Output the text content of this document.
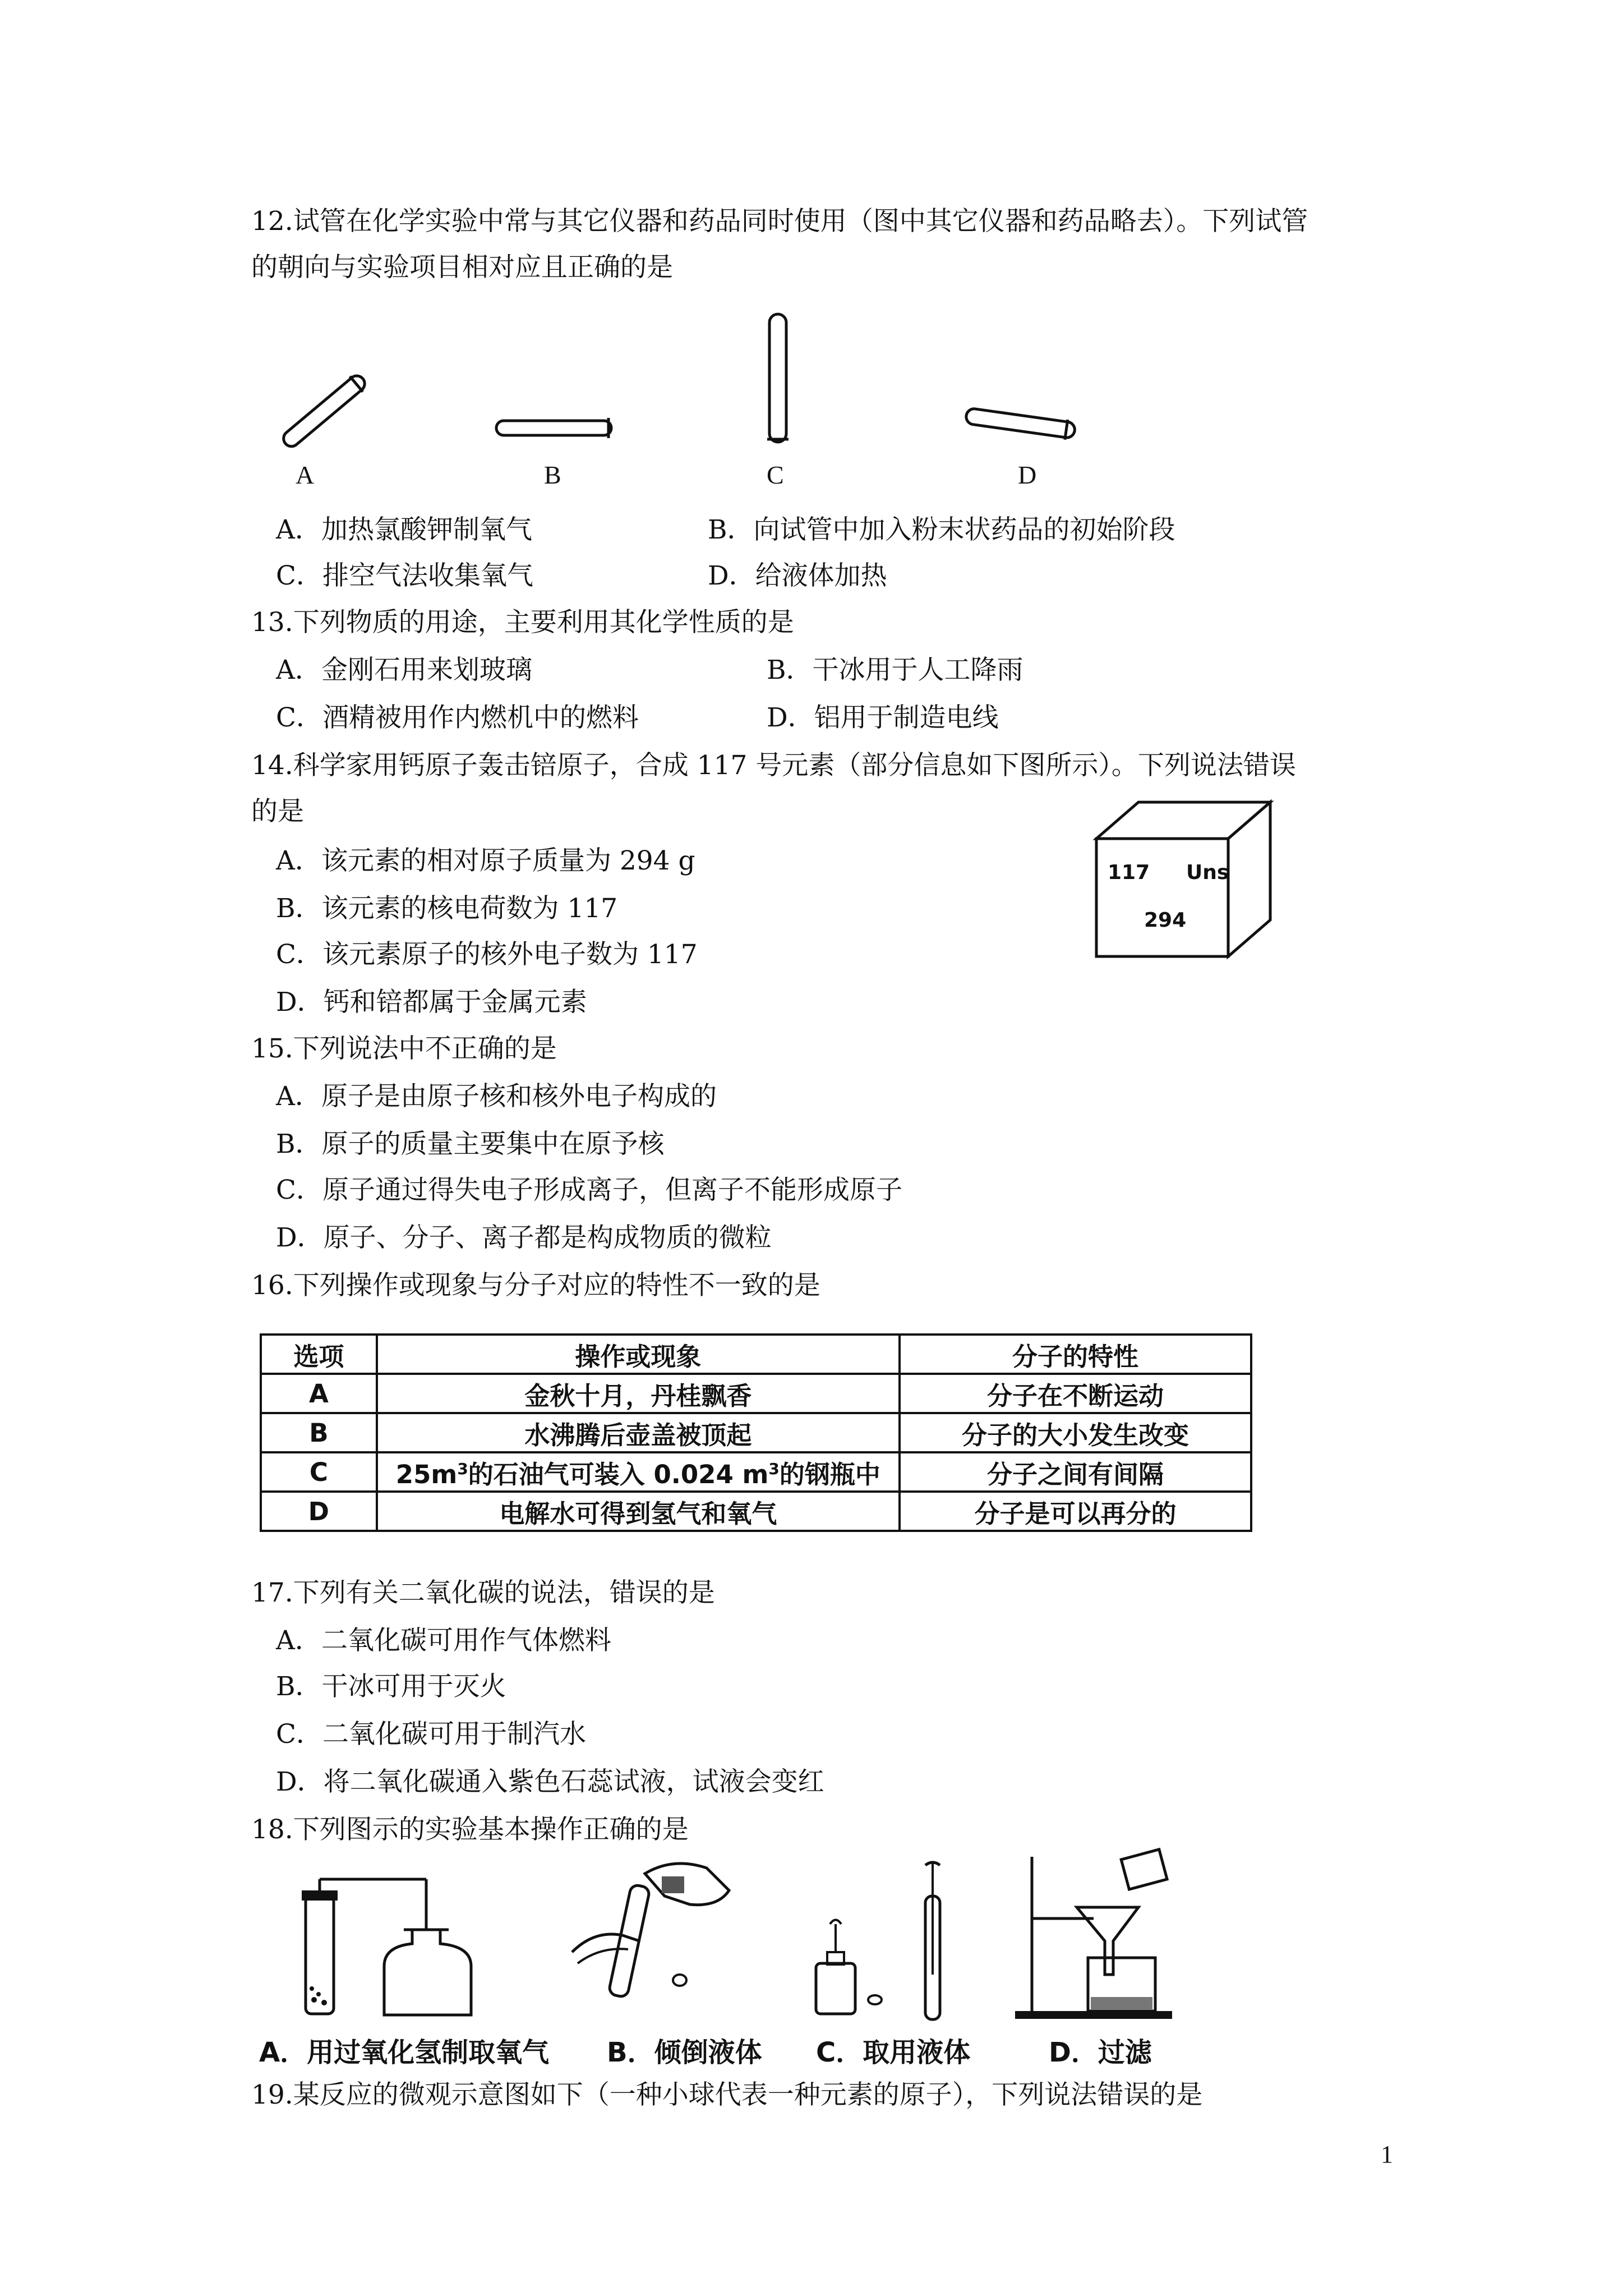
12.试管在化学实验中常与其它仪器和药品同时使用（图中其它仪器和药品略去）。下列试管
的朝向与实验项目相对应且正确的是
A	B	C	D
A．加热氯酸钾制氧气	B．向试管中加入粉末状药品的初始阶段
C．排空气法收集氧气	D．给液体加热
13.下列物质的用途，主要利用其化学性质的是
A．金刚石用来划玻璃	B．干冰用于人工降雨
C．酒精被用作内燃机中的燃料	D．铝用于制造电线
14.科学家用钙原子轰击锫原子，合成 117 号元素（部分信息如下图所示）。下列说法错误
的是
A．该元素的相对原子质量为 294 g
B．该元素的核电荷数为 117
C．该元素原子的核外电子数为 117
D．钙和锫都属于金属元素
117 Uns
294
15.下列说法中不正确的是
A．原子是由原子核和核外电子构成的
B．原子的质量主要集中在原予核
C．原子通过得失电子形成离子，但离子不能形成原子
D．原子、分子、离子都是构成物质的微粒
16.下列操作或现象与分子对应的特性不一致的是
选项	操作或现象	分子的特性
A	金秋十月，丹桂飘香	分子在不断运动
B	水沸腾后壶盖被顶起	分子的大小发生改变
C	$25m^3$的石油气可装入 0.024 $m^3$的钢瓶中	分子之间有间隔
D	电解水可得到氢气和氧气	分子是可以再分的
17.下列有关二氧化碳的说法，错误的是
A．二氧化碳可用作气体燃料
B．干冰可用于灭火
C．二氧化碳可用于制汽水
D．将二氧化碳通入紫色石蕊试液，试液会变红
18.下列图示的实验基本操作正确的是
A．用过氧化氢制取氧气 B．倾倒液体 C．取用液体	D．过滤
19.某反应的微观示意图如下（一种小球代表一种元素的原子），下列说法错误的是
1
